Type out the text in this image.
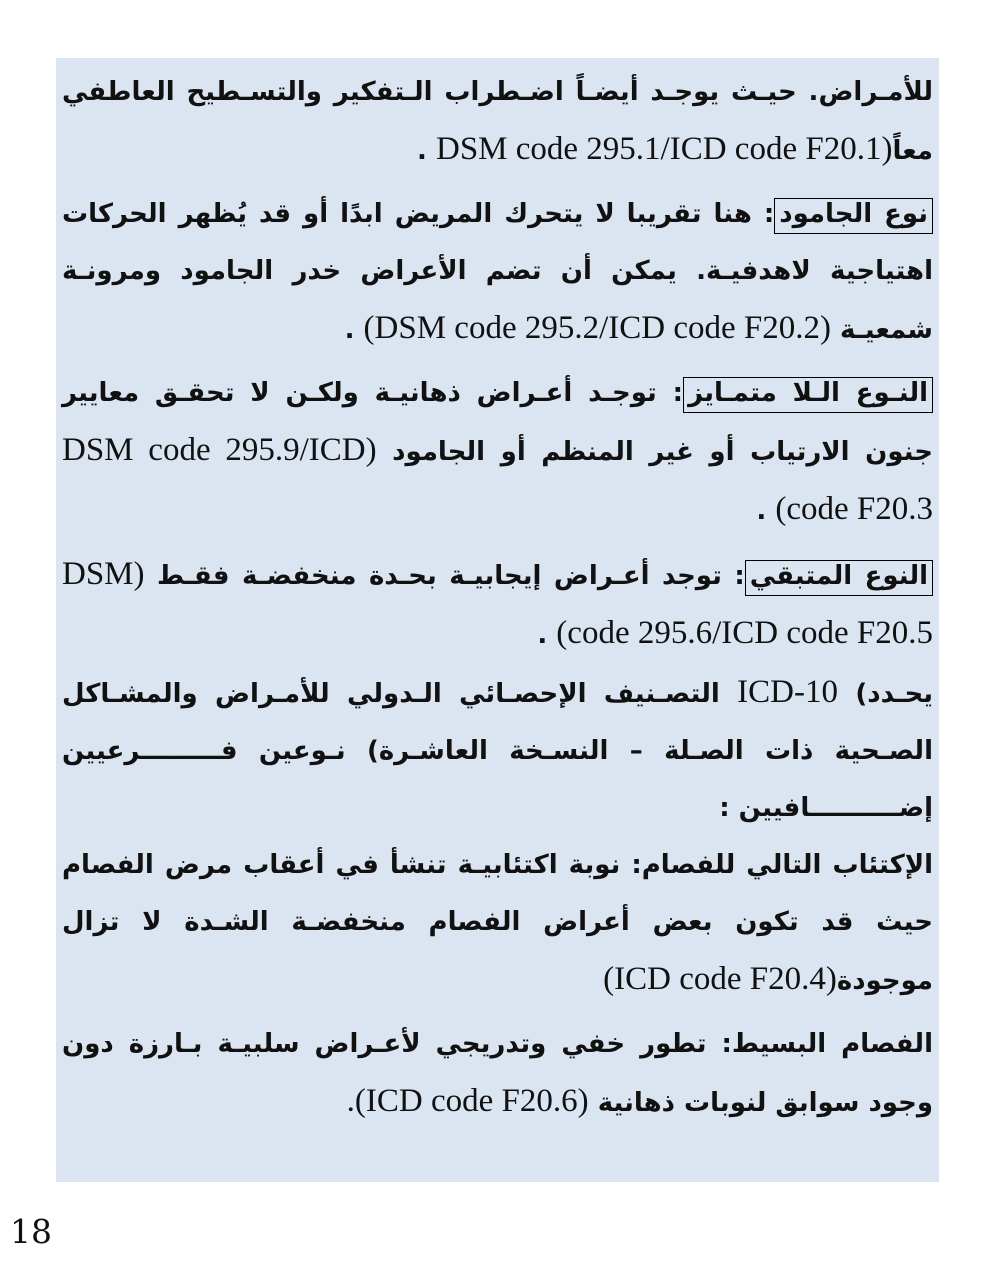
للأمـراض. حيـث يوجـد أيضـاً اضـطراب الـتفكير والتسـطيح العاطفي معاً(DSM code 295.1/ICD code F20.1 .

نوع الجامود: هنا تقريبا لا يتحرك المريض ابدًا أو قد يُظهر الحركات اهتياجية لاهدفيـة. يمكن أن تضم الأعراض خدر الجامود ومرونـة شمعيـة (DSM code 295.2/ICD code F20.2) .

النـوع الـلا متمـايز: توجـد أعـراض ذهانيـة ولكـن لا تحقـق معايير جنون الارتياب أو غير المنظم أو الجامود (DSM code 295.9/ICD code F20.3) .

النوع المتبقي: توجد أعـراض إيجابيـة بحـدة منخفضـة فقـط (DSM code 295.6/ICD code F20.5) .

يحـدد) ICD-10 التصـنيف الإحصـائي الـدولي للأمـراض والمشـاكل الصـحية ذات الصـلة – النسـخة العاشـرة) نـوعين فـــــــــرعيين إضــــــــــافيين :

الإكتئاب التالي للفصام: نوبة اكتئابيـة تنشأ في أعقاب مرض الفصام حيث قد تكون بعض أعراض الفصام منخفضـة الشـدة لا تزال موجودة(ICD code F20.4)

الفصام البسيط: تطور خفي وتدريجي لأعـراض سلبيـة بـارزة دون وجود سوابق لنوبات ذهانية (ICD code F20.6).

18
